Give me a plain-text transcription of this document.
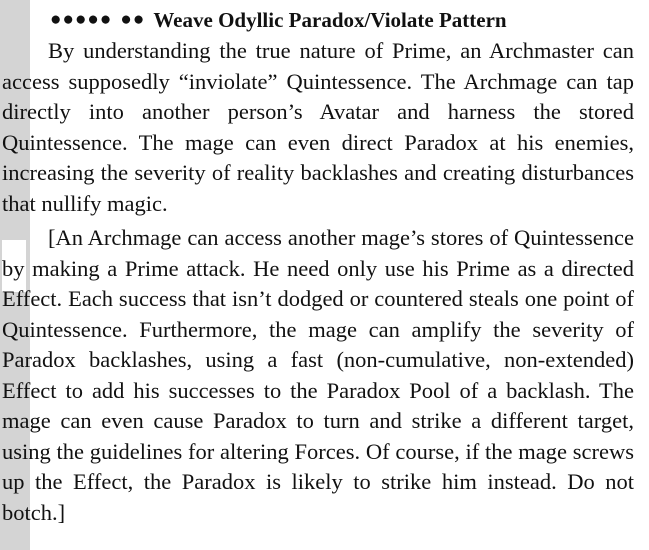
●●●●● ●● Weave Odyllic Paradox/Violate Pattern

By understanding the true nature of Prime, an Archmaster can access supposedly “inviolate” Quintessence. The Archmage can tap directly into another person’s Avatar and harness the stored Quintessence. The mage can even direct Paradox at his enemies, increasing the severity of reality backlashes and creating disturbances that nullify magic.

[An Archmage can access another mage’s stores of Quintessence by making a Prime attack. He need only use his Prime as a directed Effect. Each success that isn’t dodged or countered steals one point of Quintessence. Furthermore, the mage can amplify the severity of Paradox backlashes, using a fast (non-cumulative, non-extended) Effect to add his successes to the Paradox Pool of a backlash. The mage can even cause Paradox to turn and strike a different target, using the guidelines for altering Forces. Of course, if the mage screws up the Effect, the Paradox is likely to strike him instead. Do not botch.]
